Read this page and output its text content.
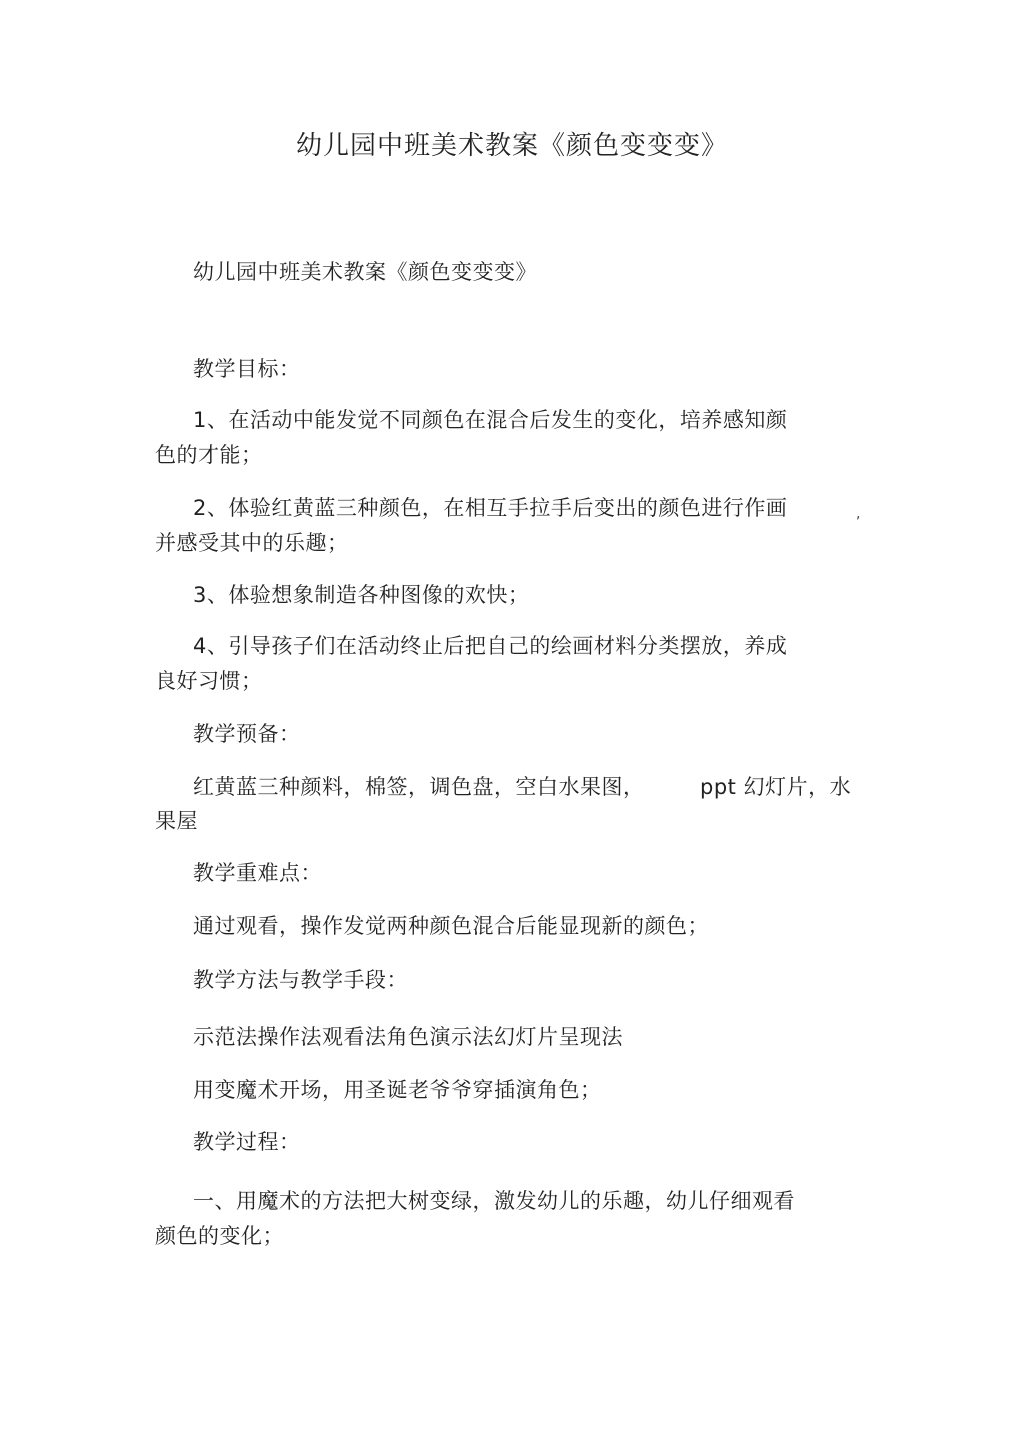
幼儿园中班美术教案《颜色变变变》
幼儿园中班美术教案《颜色变变变》
教学目标：
1、在活动中能发觉不同颜色在混合后发生的变化，培养感知颜
色的才能；
2、体验红黄蓝三种颜色，在相互手拉手后变出的颜色进行作画	,
并感受其中的乐趣；
3、体验想象制造各种图像的欢快；
4、引导孩子们在活动终止后把自己的绘画材料分类摆放，养成
良好习惯；
教学预备：
红黄蓝三种颜料，棉签，调色盘，空白水果图，	ppt 幻灯片，水
果屋
教学重难点：
通过观看，操作发觉两种颜色混合后能显现新的颜色；
教学方法与教学手段：
示范法操作法观看法角色演示法幻灯片呈现法
用变魔术开场，用圣诞老爷爷穿插演角色；
教学过程：
一、用魔术的方法把大树变绿，激发幼儿的乐趣，幼儿仔细观看
颜色的变化；
